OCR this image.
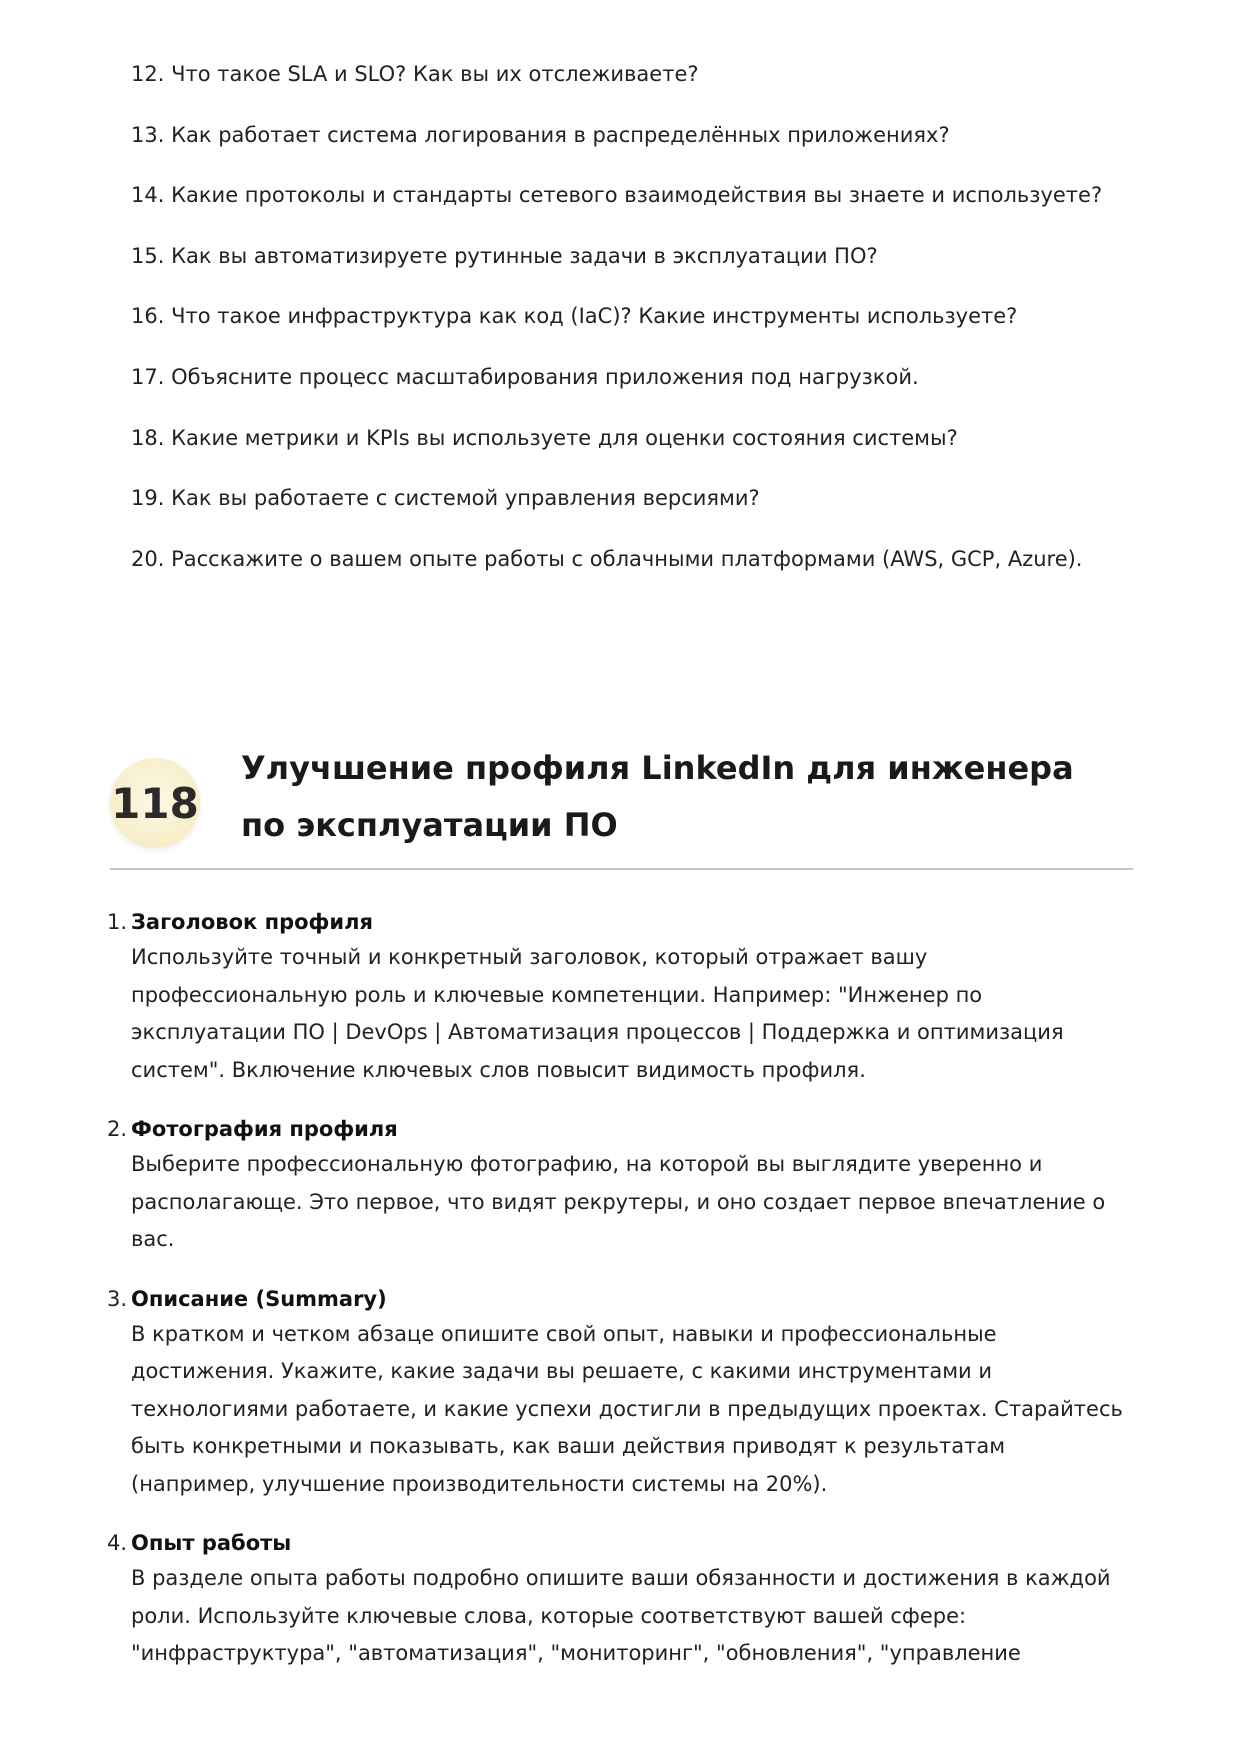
12. Что такое SLA и SLO? Как вы их отслеживаете?
13. Как работает система логирования в распределённых приложениях?
14. Какие протоколы и стандарты сетевого взаимодействия вы знаете и используете?
15. Как вы автоматизируете рутинные задачи в эксплуатации ПО?
16. Что такое инфраструктура как код (IaC)? Какие инструменты используете?
17. Объясните процесс масштабирования приложения под нагрузкой.
18. Какие метрики и KPIs вы используете для оценки состояния системы?
19. Как вы работаете с системой управления версиями?
20. Расскажите о вашем опыте работы с облачными платформами (AWS, GCP, Azure).
118
Улучшение профиля LinkedIn для инженера по эксплуатации ПО
1. Заголовок профиля
Используйте точный и конкретный заголовок, который отражает вашу профессиональную роль и ключевые компетенции. Например: "Инженер по эксплуатации ПО | DevOps | Автоматизация процессов | Поддержка и оптимизация систем". Включение ключевых слов повысит видимость профиля.
2. Фотография профиля
Выберите профессиональную фотографию, на которой вы выглядите уверенно и располагающе. Это первое, что видят рекрутеры, и оно создает первое впечатление о вас.
3. Описание (Summary)
В кратком и четком абзаце опишите свой опыт, навыки и профессиональные достижения. Укажите, какие задачи вы решаете, с какими инструментами и технологиями работаете, и какие успехи достигли в предыдущих проектах. Старайтесь быть конкретными и показывать, как ваши действия приводят к результатам (например, улучшение производительности системы на 20%).
4. Опыт работы
В разделе опыта работы подробно опишите ваши обязанности и достижения в каждой роли. Используйте ключевые слова, которые соответствуют вашей сфере: "инфраструктура", "автоматизация", "мониторинг", "обновления", "управление
